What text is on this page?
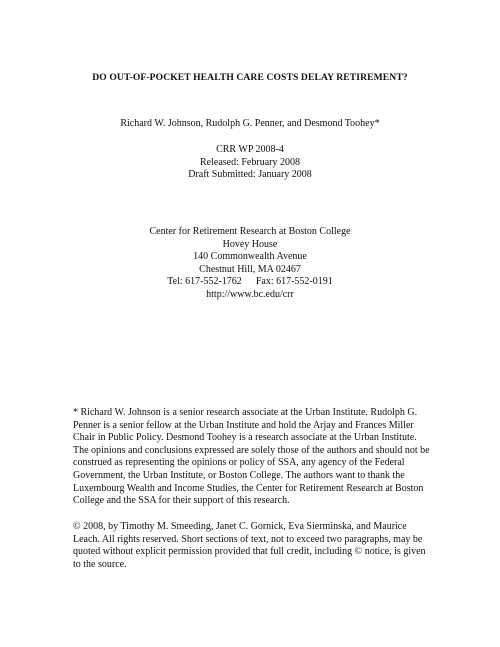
DO OUT-OF-POCKET HEALTH CARE COSTS DELAY RETIREMENT?
Richard W. Johnson, Rudolph G. Penner, and Desmond Toohey*
CRR WP 2008-4
Released: February 2008
Draft Submitted: January 2008
Center for Retirement Research at Boston College
Hovey House
140 Commonwealth Avenue
Chestnut Hill, MA 02467
Tel: 617-552-1762 Fax: 617-552-0191
http://www.bc.edu/crr
* Richard W. Johnson is a senior research associate at the Urban Institute. Rudolph G.
Penner is a senior fellow at the Urban Institute and hold the Arjay and Frances Miller
Chair in Public Policy. Desmond Toohey is a research associate at the Urban Institute.
The opinions and conclusions expressed are solely those of the authors and should not be
construed as representing the opinions or policy of SSA, any agency of the Federal
Government, the Urban Institute, or Boston College. The authors want to thank the
Luxembourg Wealth and Income Studies, the Center for Retirement Research at Boston
College and the SSA for their support of this research.
© 2008, by Timothy M. Smeeding, Janet C. Gornick, Eva Sierminska, and Maurice
Leach. All rights reserved. Short sections of text, not to exceed two paragraphs, may be
quoted without explicit permission provided that full credit, including © notice, is given
to the source.
